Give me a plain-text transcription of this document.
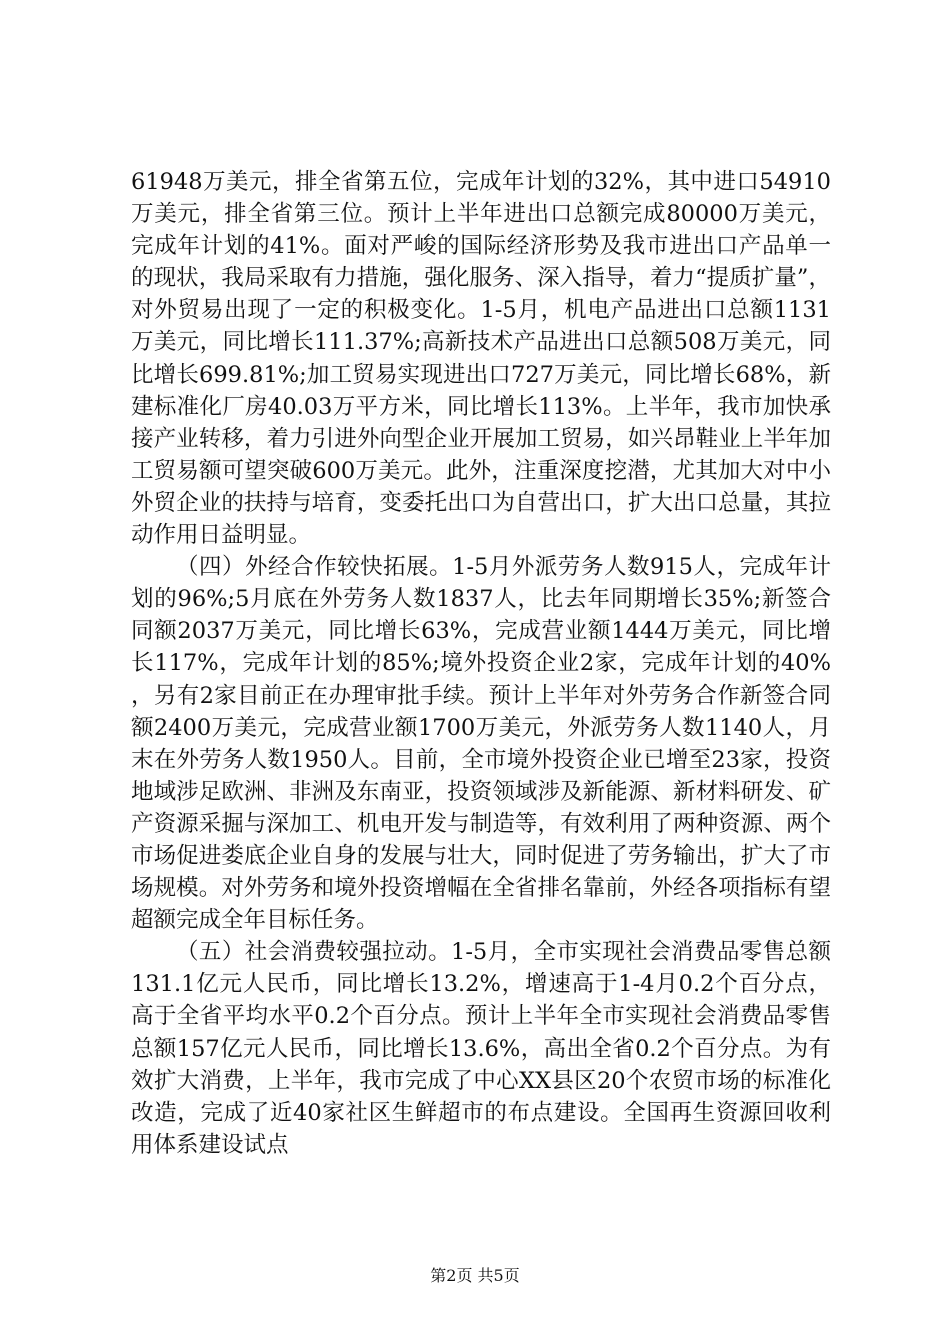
61948万美元，排全省第五位，完成年计划的32%，其中进口54910万美元，排全省第三位。预计上半年进出口总额完成80000万美元，完成年计划的41%。面对严峻的国际经济形势及我市进出口产品单一的现状，我局采取有力措施，强化服务、深入指导，着力“提质扩量”，对外贸易出现了一定的积极变化。1-5月，机电产品进出口总额1131万美元，同比增长111.37%;高新技术产品进出口总额508万美元，同比增长699.81%;加工贸易实现进出口727万美元，同比增长68%，新建标准化厂房40.03万平方米，同比增长113%。上半年，我市加快承接产业转移，着力引进外向型企业开展加工贸易，如兴昂鞋业上半年加工贸易额可望突破600万美元。此外，注重深度挖潜，尤其加大对中小外贸企业的扶持与培育，变委托出口为自营出口，扩大出口总量，其拉动作用日益明显。

（四）外经合作较快拓展。1-5月外派劳务人数915人，完成年计划的96%;5月底在外劳务人数1837人，比去年同期增长35%;新签合同额2037万美元，同比增长63%，完成营业额1444万美元，同比增长117%，完成年计划的85%;境外投资企业2家，完成年计划的40%，另有2家目前正在办理审批手续。预计上半年对外劳务合作新签合同额2400万美元，完成营业额1700万美元，外派劳务人数1140人，月末在外劳务人数1950人。目前，全市境外投资企业已增至23家，投资地域涉足欧洲、非洲及东南亚，投资领域涉及新能源、新材料研发、矿产资源采掘与深加工、机电开发与制造等，有效利用了两种资源、两个市场促进娄底企业自身的发展与壮大，同时促进了劳务输出，扩大了市场规模。对外劳务和境外投资增幅在全省排名靠前，外经各项指标有望超额完成全年目标任务。

（五）社会消费较强拉动。1-5月，全市实现社会消费品零售总额131.1亿元人民币，同比增长13.2%，增速高于1-4月0.2个百分点，高于全省平均水平0.2个百分点。预计上半年全市实现社会消费品零售总额157亿元人民币，同比增长13.6%，高出全省0.2个百分点。为有效扩大消费，上半年，我市完成了中心XX县区20个农贸市场的标准化改造，完成了近40家社区生鲜超市的布点建设。全国再生资源回收利用体系建设试点

第2页 共5页
